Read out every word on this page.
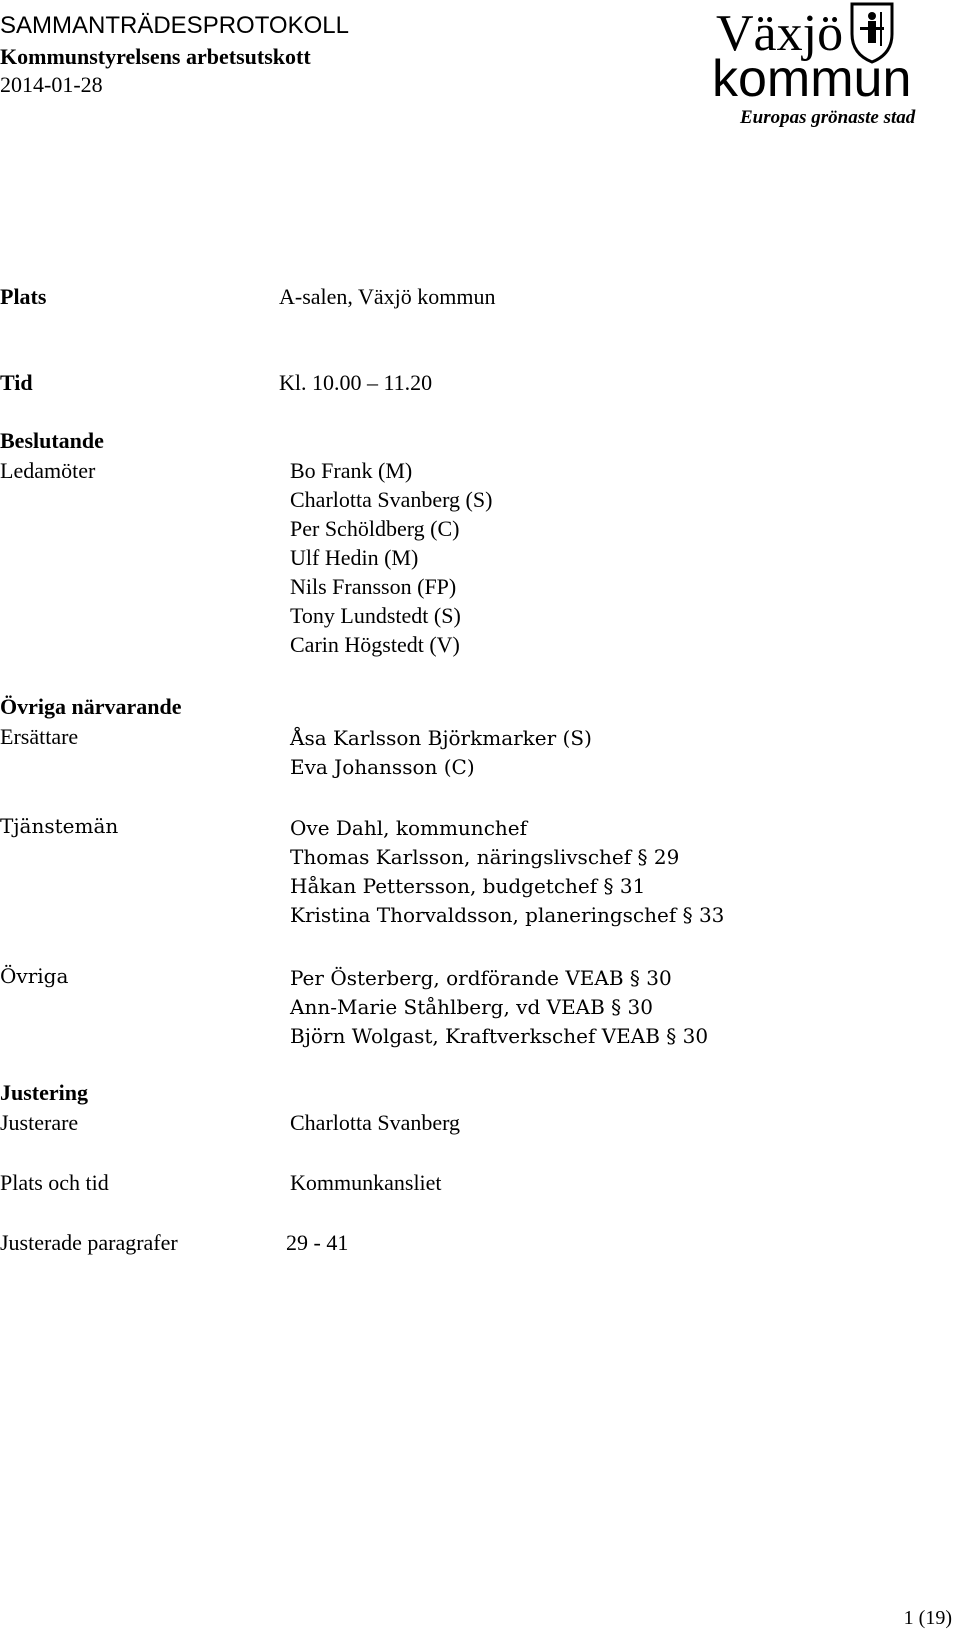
SAMMANTRÄDESPROTOKOLL
Kommunstyrelsens arbetsutskott
2014-01-28
Växjö
kommun
Europas grönaste stad
Plats	A-salen, Växjö kommun
Tid	Kl. 10.00 – 11.20
Beslutande
Ledamöter	Bo Frank (M)
Charlotta Svanberg (S)
Per Schöldberg (C)
Ulf Hedin (M)
Nils Fransson (FP)
Tony Lundstedt (S)
Carin Högstedt (V)
Övriga närvarande
Ersättare	Åsa Karlsson Björkmarker (S)
Eva Johansson (C)
Tjänstemän	Ove Dahl, kommunchef
Thomas Karlsson, näringslivschef § 29
Håkan Pettersson, budgetchef § 31
Kristina Thorvaldsson, planeringschef § 33
Övriga	Per Österberg, ordförande VEAB § 30
Ann-Marie Ståhlberg, vd VEAB § 30
Björn Wolgast, Kraftverkschef VEAB § 30
Justering
Justerare	Charlotta Svanberg
Plats och tid	Kommunkansliet
Justerade paragrafer	29 - 41
1 (19)
